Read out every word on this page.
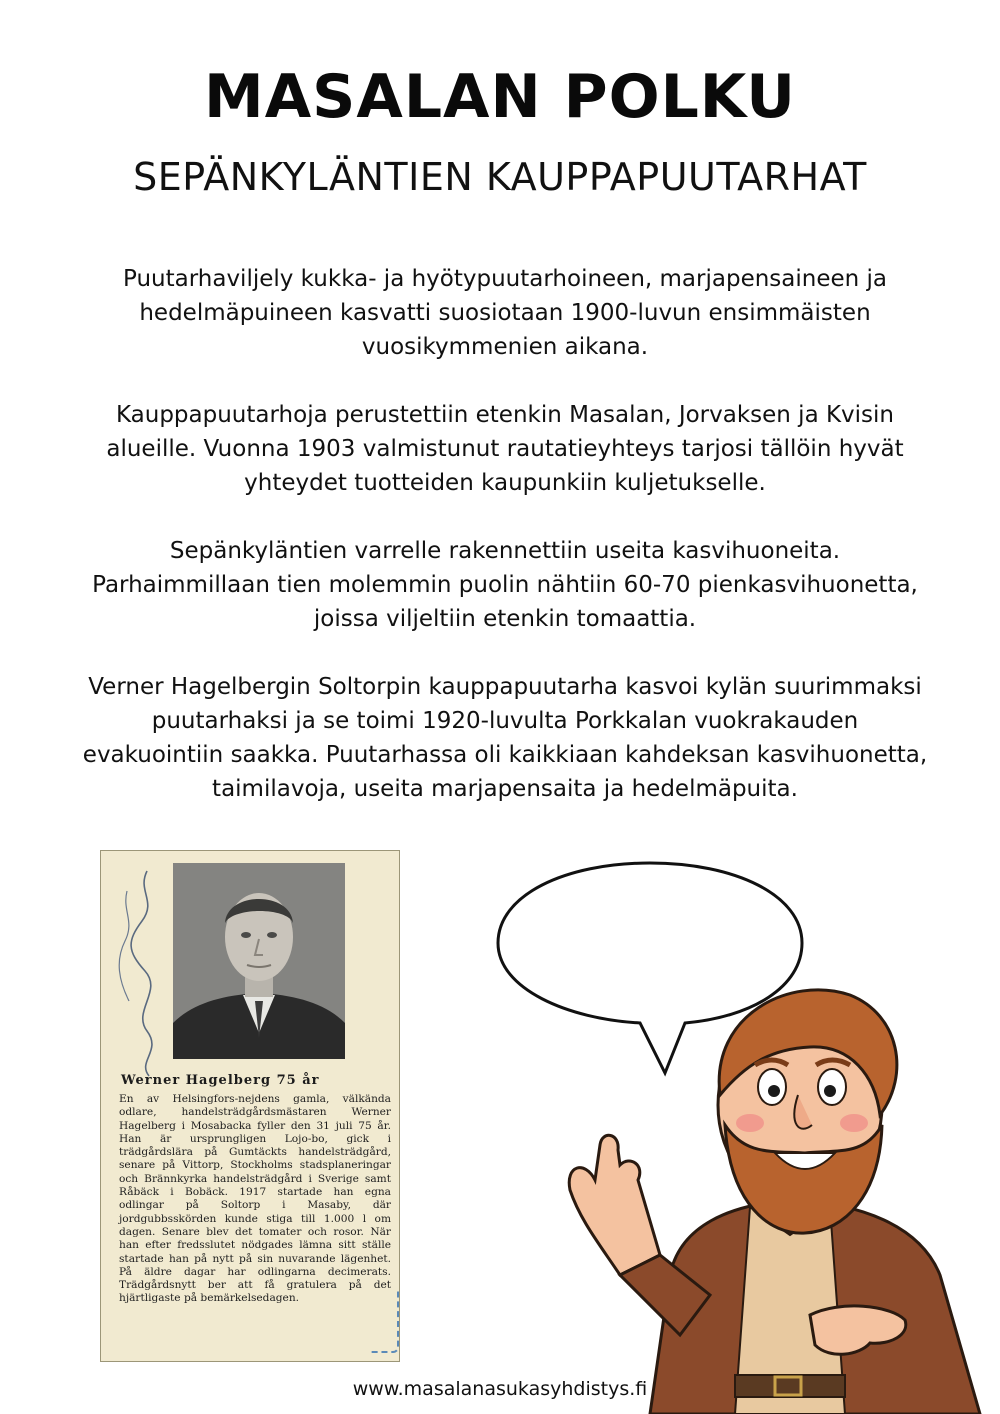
MASALAN POLKU
SEPÄNKYLÄNTIEN KAUPPAPUUTARHAT

Puutarhaviljely kukka- ja hyötypuutarhoineen, marjapensaineen ja hedelmäpuineen kasvatti suosiotaan 1900-luvun ensimmäisten vuosikymmenien aikana.

Kauppapuutarhoja perustettiin etenkin Masalan, Jorvaksen ja Kvisin alueille. Vuonna 1903 valmistunut rautatieyhteys tarjosi tällöin hyvät yhteydet tuotteiden kaupunkiin kuljetukselle.

Sepänkyläntien varrelle rakennettiin useita kasvihuoneita. Parhaimmillaan tien molemmin puolin nähtiin 60-70 pienkasvihuonetta, joissa viljeltiin etenkin tomaattia.

Verner Hagelbergin Soltorpin kauppapuutarha kasvoi kylän suurimmaksi puutarhaksi ja se toimi 1920-luvulta Porkkalan vuokrakauden evakuointiin saakka. Puutarhassa oli kaikkiaan kahdeksan kasvihuonetta, taimilavoja, useita marjapensaita ja hedelmäpuita.

Werner Hagelberg 75 år

En av Helsingfors-nejdens gamla, välkända odlare, handelsträdgårdsmästaren Werner Hagelberg i Mosabacka fyller den 31 juli 75 år. Han är ursprungligen Lojo-bo, gick i trädgårdslära på Gumtäckts handelsträdgård, senare på Vittorp, Stockholms stadsplaneringar och Brännkyrka handelsträdgård i Sverige samt Råbäck i Bobäck. 1917 startade han egna odlingar på Soltorp i Masaby, där jordgubbsskörden kunde stiga till 1.000 l om dagen. Senare blev det tomater och rosor. När han efter fredsslutet nödgades lämna sitt ställe startade han på nytt på sin nuvarande lägenhet. På äldre dagar har odlingarna decimerats. Trädgårdsnytt ber att få gratulera på det hjärtligaste på bemärkelsedagen.

www.masalanasukasyhdistys.fi
